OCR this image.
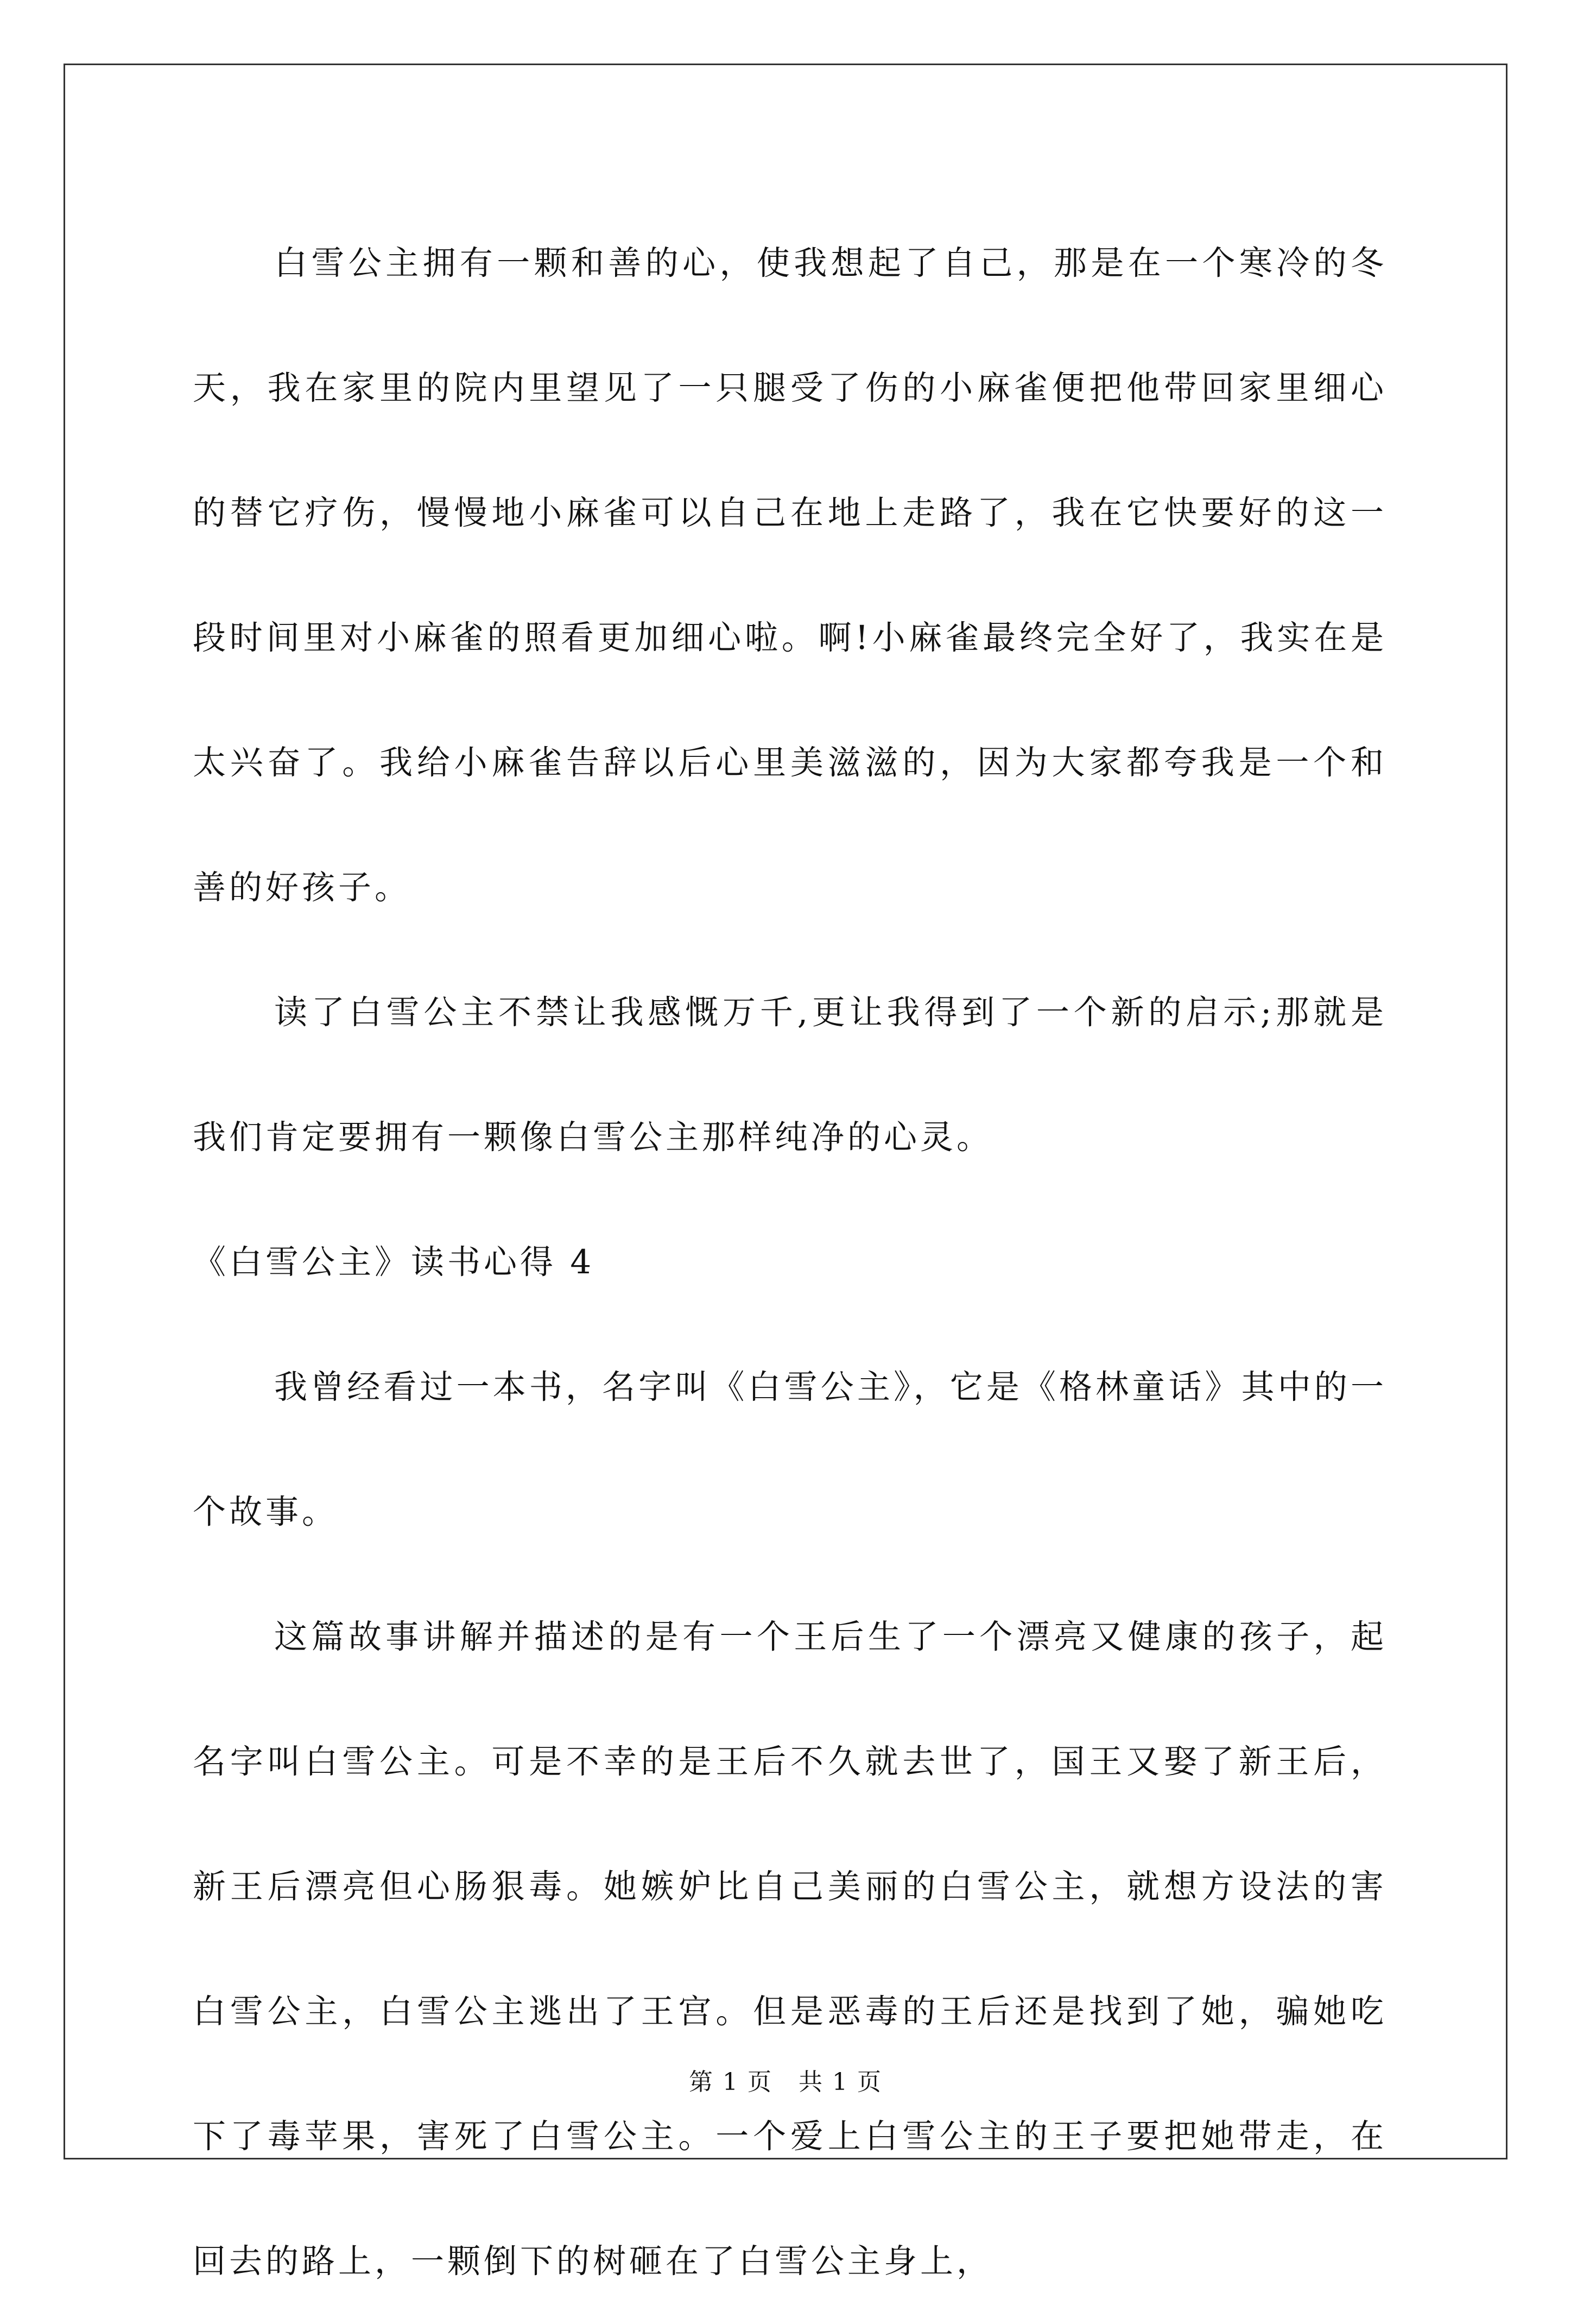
白雪公主拥有一颗和善的心，使我想起了自己，那是在一个寒冷的冬天，我在家里的院内里望见了一只腿受了伤的小麻雀便把他带回家里细心的替它疗伤，慢慢地小麻雀可以自己在地上走路了，我在它快要好的这一段时间里对小麻雀的照看更加细心啦。啊!小麻雀最终完全好了，我实在是太兴奋了。我给小麻雀告辞以后心里美滋滋的，因为大家都夸我是一个和善的好孩子。

读了白雪公主不禁让我感慨万千,更让我得到了一个新的启示;那就是我们肯定要拥有一颗像白雪公主那样纯净的心灵。

《白雪公主》读书心得 4

我曾经看过一本书，名字叫《白雪公主》，它是《格林童话》其中的一个故事。

这篇故事讲解并描述的是有一个王后生了一个漂亮又健康的孩子，起名字叫白雪公主。可是不幸的是王后不久就去世了，国王又娶了新王后，新王后漂亮但心肠狠毒。她嫉妒比自己美丽的白雪公主，就想方设法的害白雪公主，白雪公主逃出了王宫。但是恶毒的王后还是找到了她，骗她吃下了毒苹果，害死了白雪公主。一个爱上白雪公主的王子要把她带走，在回去的路上，一颗倒下的树砸在了白雪公主身上，

第 1 页   共 1 页
